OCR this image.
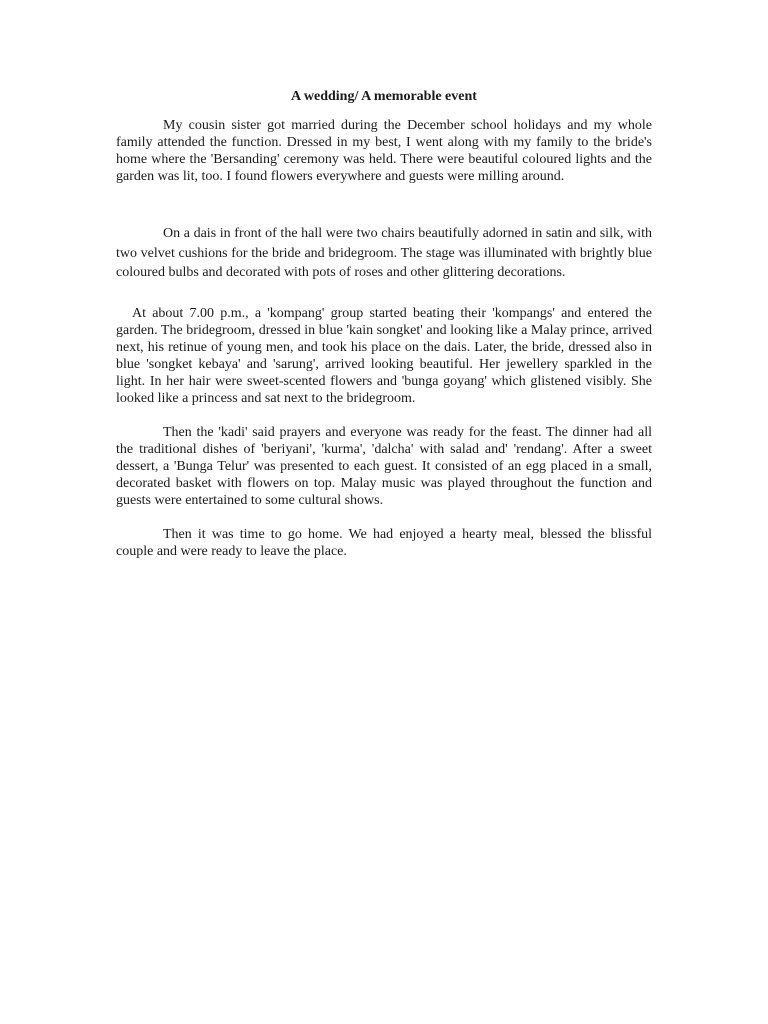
A wedding/ A memorable event

My cousin sister got married during the December school holidays and my whole family attended the function. Dressed in my best, I went along with my family to the bride's home where the 'Bersanding' ceremony was held. There were beautiful coloured lights and the garden was lit, too. I found flowers everywhere and guests were milling around.

On a dais in front of the hall were two chairs beautifully adorned in satin and silk, with two velvet cushions for the bride and bridegroom. The stage was illuminated with brightly blue coloured bulbs and decorated with pots of roses and other glittering decorations.

At about 7.00 p.m., a 'kompang' group started beating their 'kompangs' and entered the garden. The bridegroom, dressed in blue 'kain songket' and looking like a Malay prince, arrived next, his retinue of young men, and took his place on the dais. Later, the bride, dressed also in blue 'songket kebaya' and 'sarung', arrived looking beautiful. Her jewellery sparkled in the light. In her hair were sweet-scented flowers and 'bunga goyang' which glistened visibly. She looked like a princess and sat next to the bridegroom.

Then the 'kadi' said prayers and everyone was ready for the feast. The dinner had all the traditional dishes of 'beriyani', 'kurma', 'dalcha' with salad and' 'rendang'. After a sweet dessert, a 'Bunga Telur' was presented to each guest. It consisted of an egg placed in a small, decorated basket with flowers on top. Malay music was played throughout the function and guests were entertained to some cultural shows.

Then it was time to go home. We had enjoyed a hearty meal, blessed the blissful couple and were ready to leave the place.
